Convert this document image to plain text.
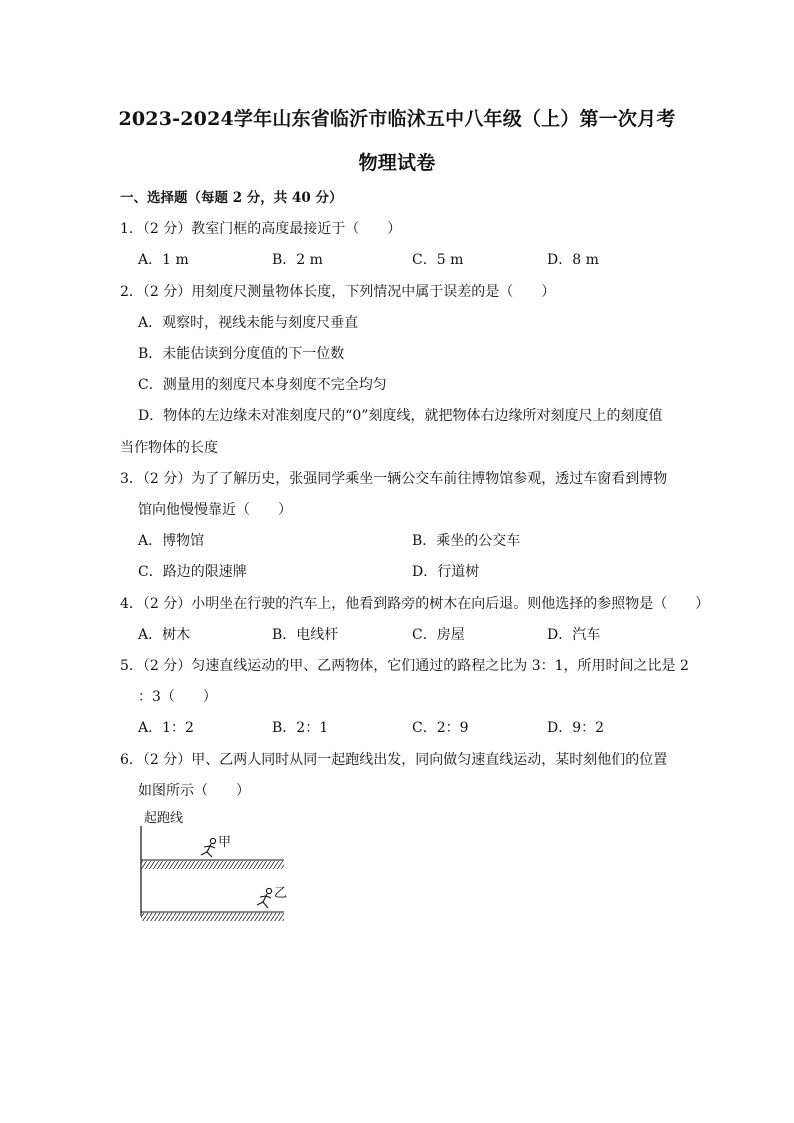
2023-2024学年山东省临沂市临沭五中八年级（上）第一次月考
物理试卷
一、选择题（每题 2 分，共 40 分）
1．（2 分）教室门框的高度最接近于（　　）
A．1 m	B．2 m	C．5 m	D．8 m
2．（2 分）用刻度尺测量物体长度，下列情况中属于误差的是（　　）
A．观察时，视线未能与刻度尺垂直
B．未能估读到分度值的下一位数
C．测量用的刻度尺本身刻度不完全均匀
D．物体的左边缘未对准刻度尺的“0”刻度线，就把物体右边缘所对刻度尺上的刻度值
当作物体的长度
3．（2 分）为了了解历史，张强同学乘坐一辆公交车前往博物馆参观，透过车窗看到博物
馆向他慢慢靠近（　　）
A．博物馆	B．乘坐的公交车
C．路边的限速牌	D．行道树
4．（2 分）小明坐在行驶的汽车上，他看到路旁的树木在向后退。则他选择的参照物是（　　）
A．树木	B．电线杆	C．房屋	D．汽车
5．（2 分）匀速直线运动的甲、乙两物体，它们通过的路程之比为 3：1，所用时间之比是 2
：3（　　）
A．1：2	B．2：1	C．2：9	D．9：2
6．（2 分）甲、乙两人同时从同一起跑线出发，同向做匀速直线运动，某时刻他们的位置
如图所示（　　）
起跑线
甲
乙
